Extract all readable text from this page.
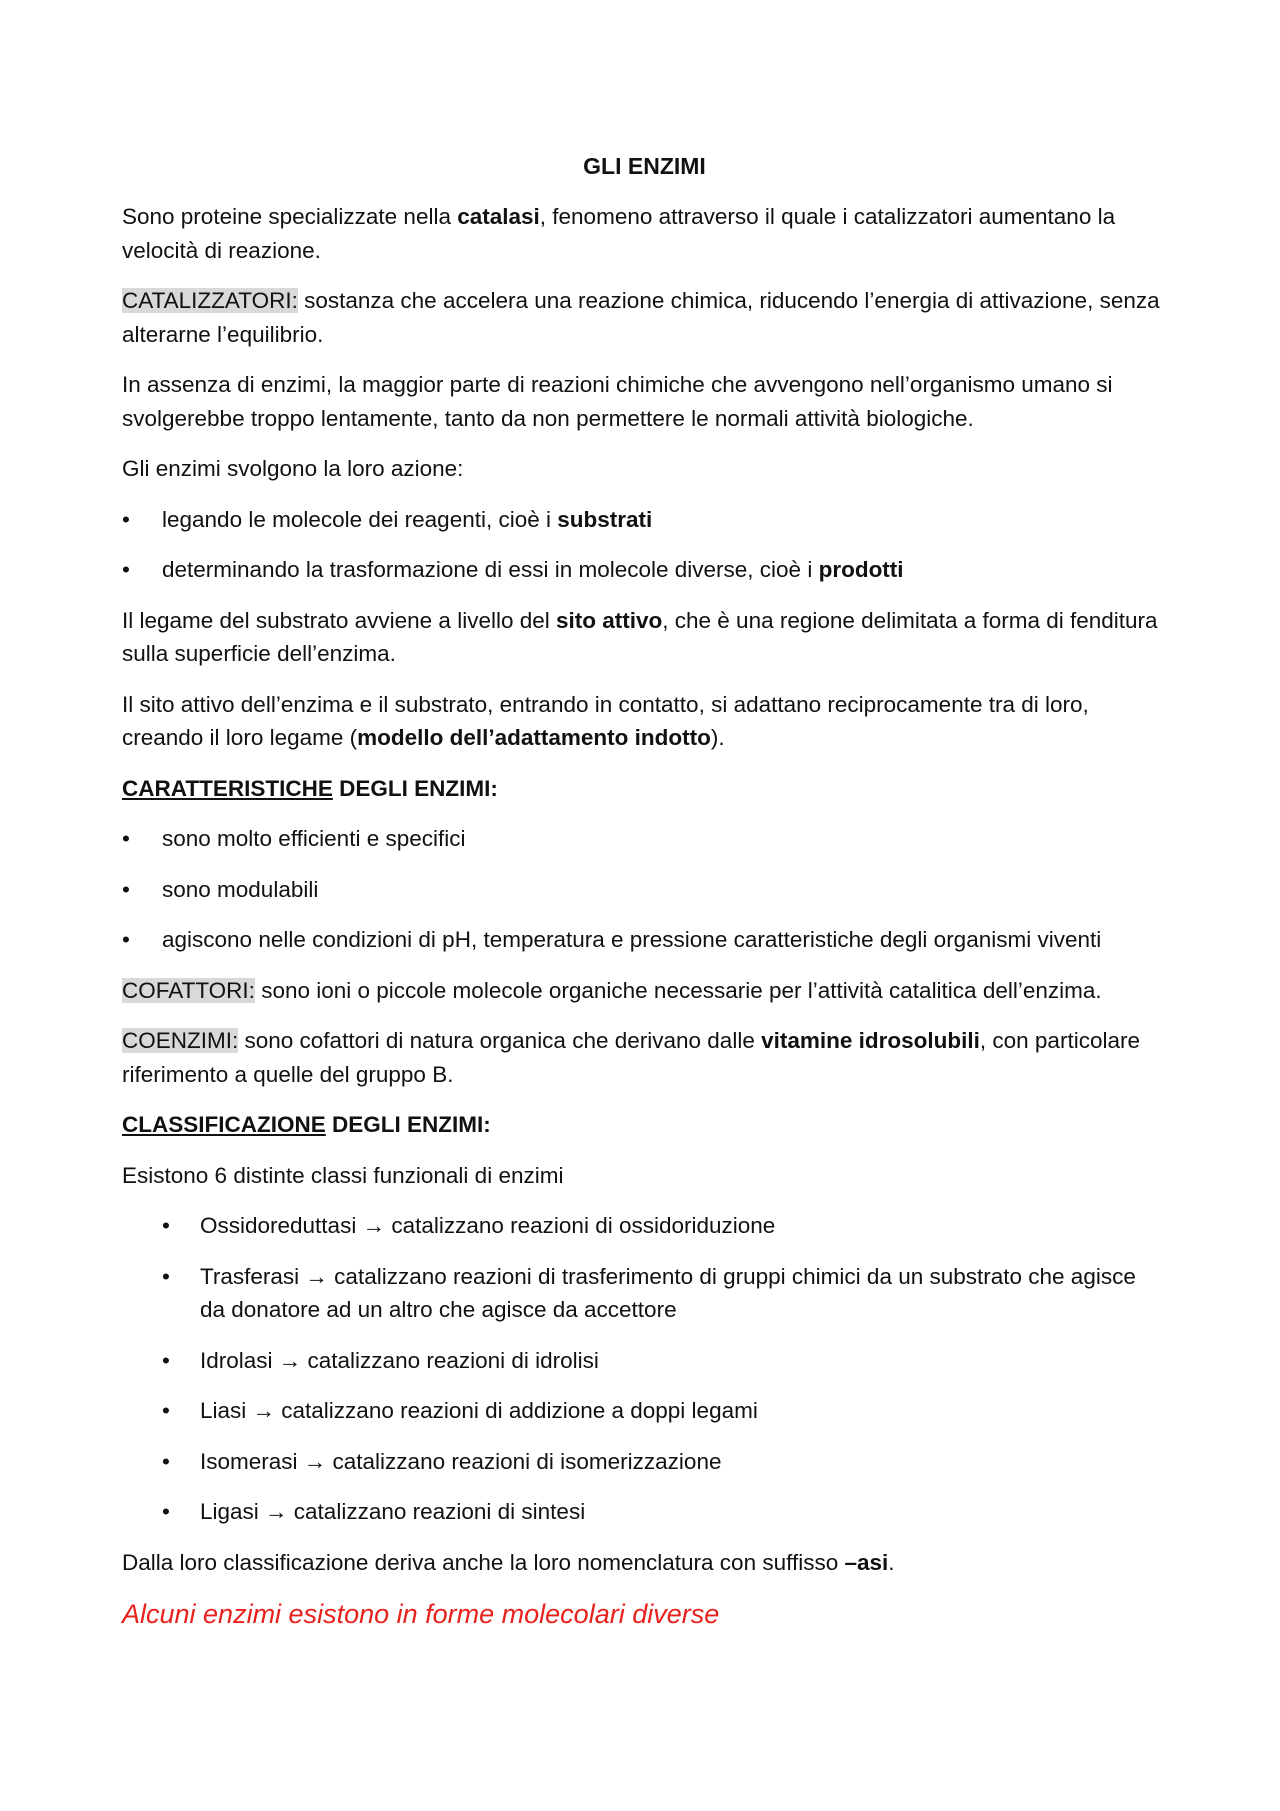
GLI ENZIMI

Sono proteine specializzate nella catalasi, fenomeno attraverso il quale i catalizzatori aumentano la velocità di reazione.

CATALIZZATORI: sostanza che accelera una reazione chimica, riducendo l’energia di attivazione, senza alterarne l’equilibrio.

In assenza di enzimi, la maggior parte di reazioni chimiche che avvengono nell’organismo umano si svolgerebbe troppo lentamente, tanto da non permettere le normali attività biologiche.

Gli enzimi svolgono la loro azione:

•	legando le molecole dei reagenti, cioè i substrati
•	determinando la trasformazione di essi in molecole diverse, cioè i prodotti

Il legame del substrato avviene a livello del sito attivo, che è una regione delimitata a forma di fenditura sulla superficie dell’enzima.

Il sito attivo dell’enzima e il substrato, entrando in contatto, si adattano reciprocamente tra di loro, creando il loro legame (modello dell’adattamento indotto).

CARATTERISTICHE DEGLI ENZIMI:
•	sono molto efficienti e specifici
•	sono modulabili
•	agiscono nelle condizioni di pH, temperatura e pressione caratteristiche degli organismi viventi

COFATTORI: sono ioni o piccole molecole organiche necessarie per l’attività catalitica dell’enzima.

COENZIMI: sono cofattori di natura organica che derivano dalle vitamine idrosolubili, con particolare riferimento a quelle del gruppo B.

CLASSIFICAZIONE DEGLI ENZIMI:

Esistono 6 distinte classi funzionali di enzimi

•	Ossidoreduttasi → catalizzano reazioni di ossidoriduzione
•	Trasferasi → catalizzano reazioni di trasferimento di gruppi chimici da un substrato che agisce da donatore ad un altro che agisce da accettore
•	Idrolasi → catalizzano reazioni di idrolisi
•	Liasi → catalizzano reazioni di addizione a doppi legami
•	Isomerasi → catalizzano reazioni di isomerizzazione
•	Ligasi → catalizzano reazioni di sintesi

Dalla loro classificazione deriva anche la loro nomenclatura con suffisso –asi.

Alcuni enzimi esistono in forme molecolari diverse
